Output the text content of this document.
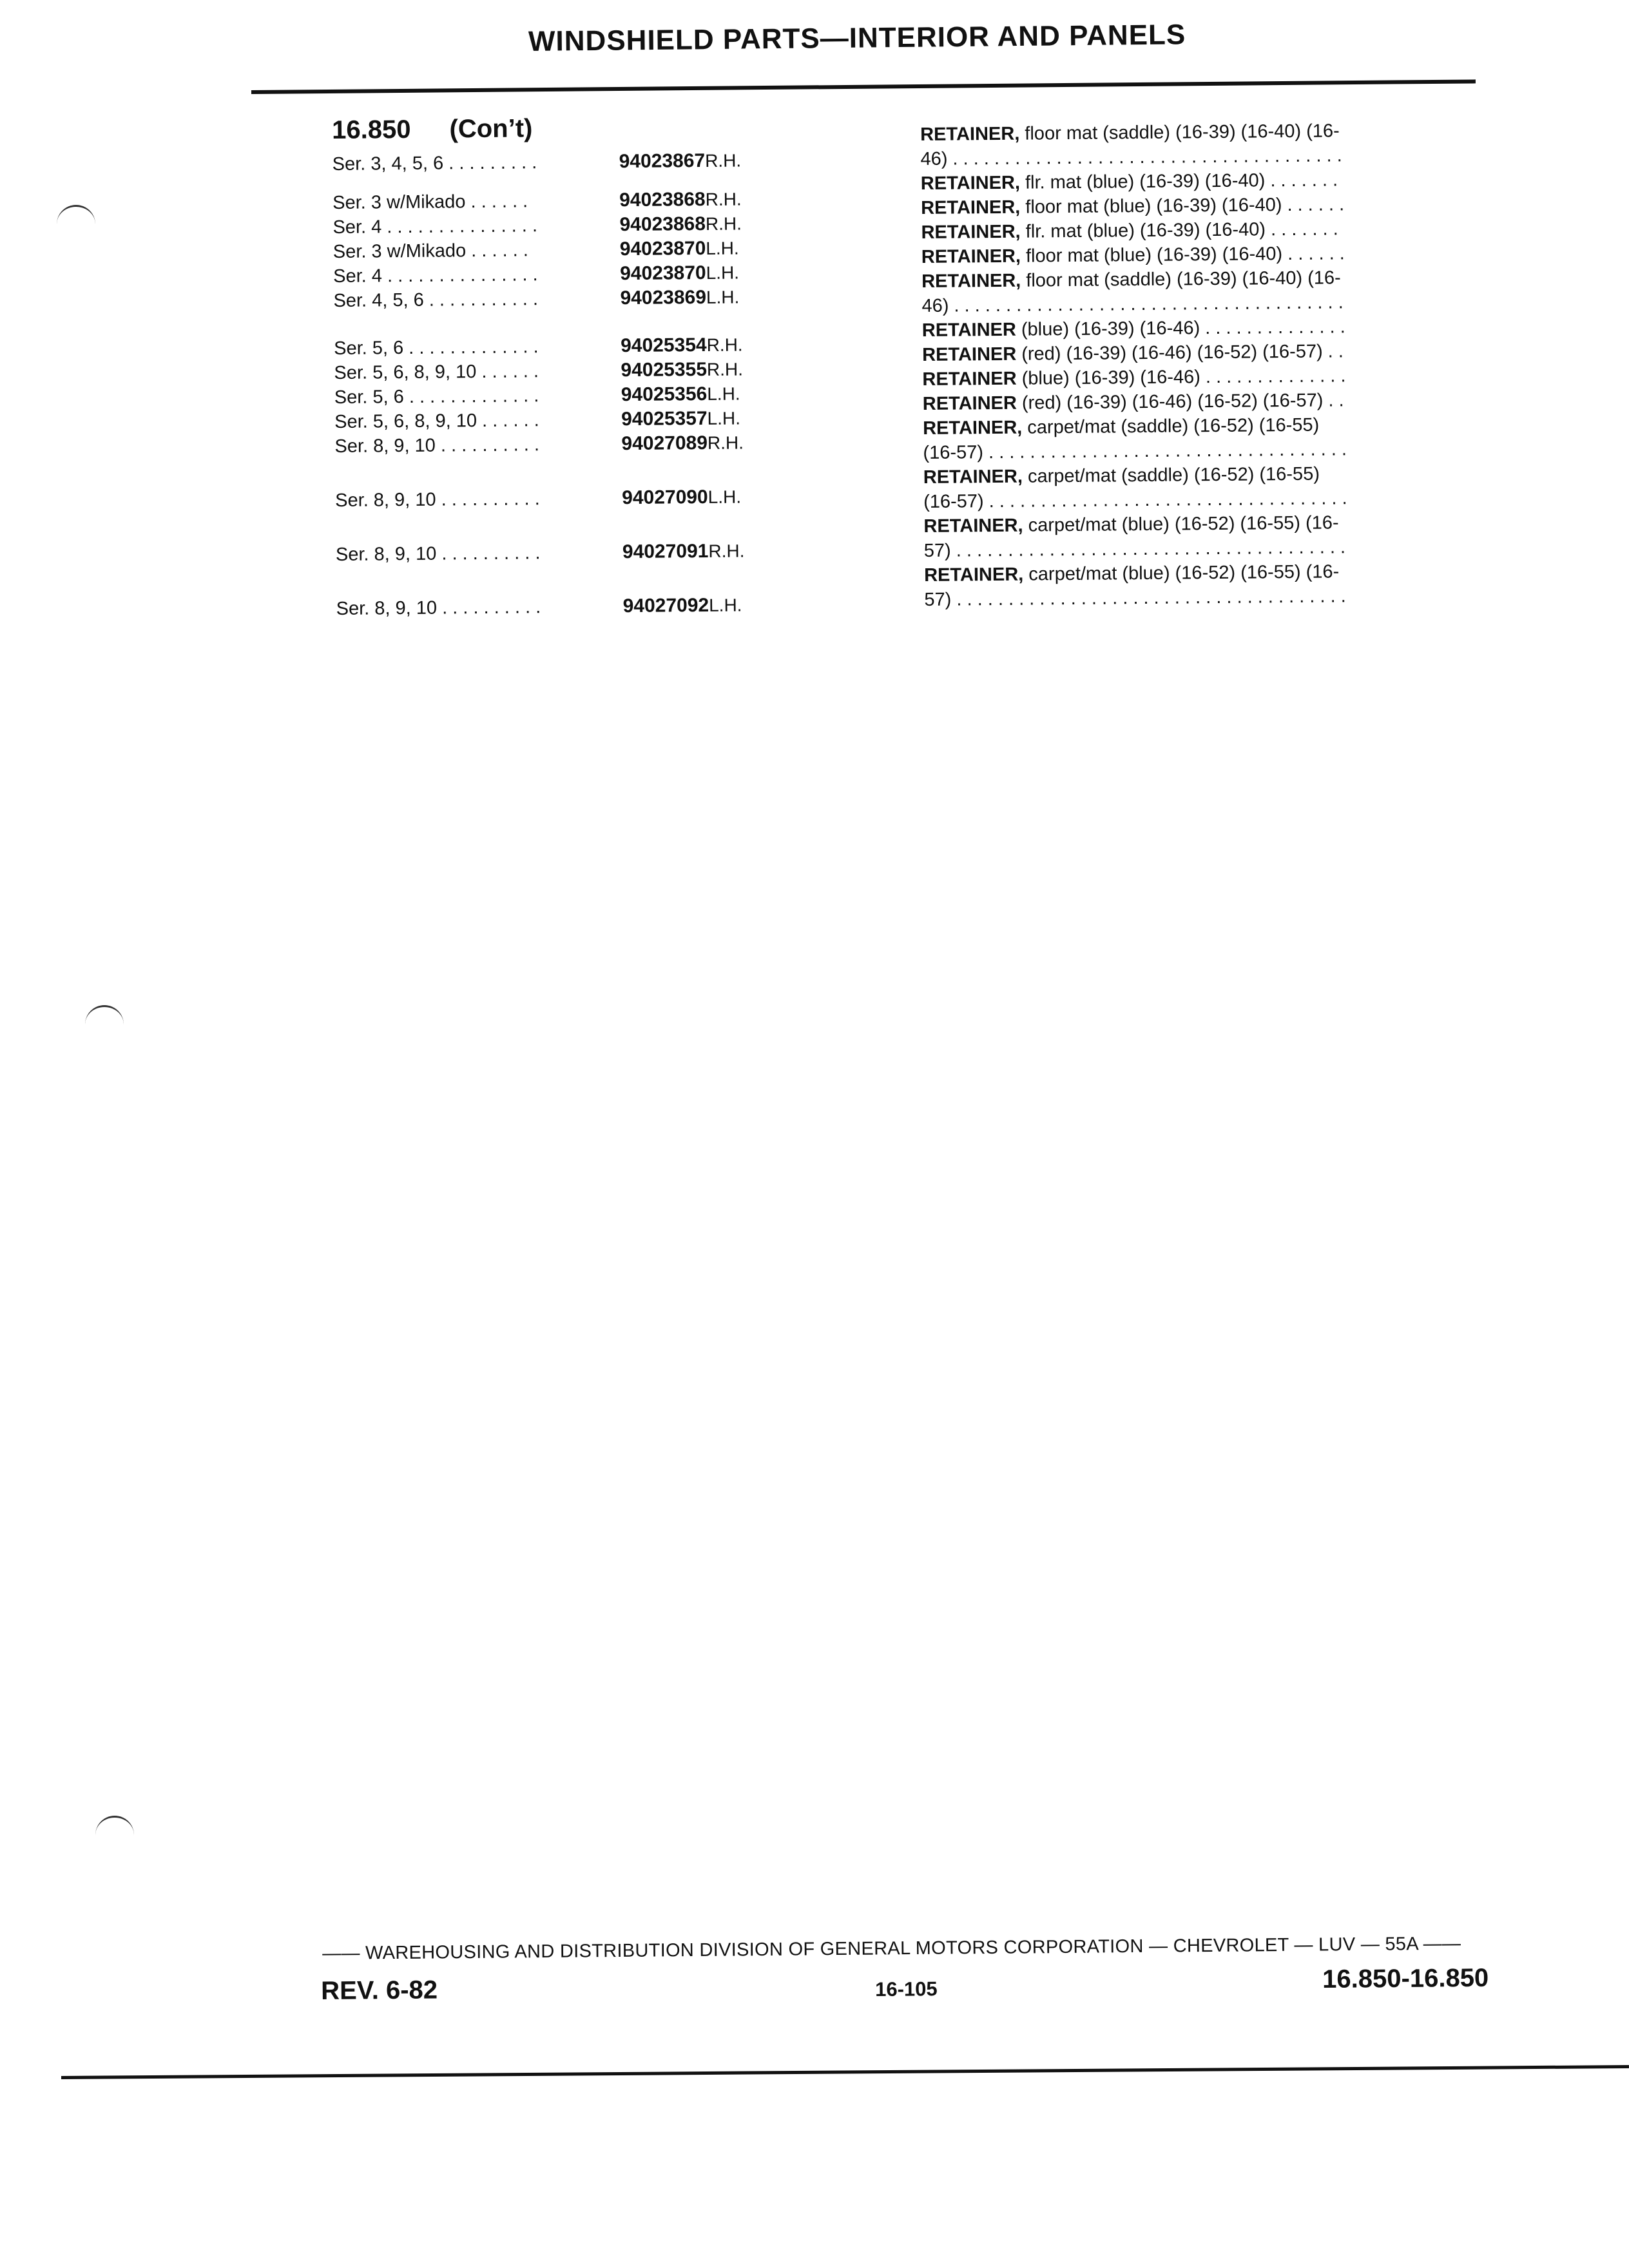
WINDSHIELD PARTS—INTERIOR AND PANELS
16.850 (Con’t)
Ser. 3, 4, 5, 6 . . . . . . . . .	94023867R.H.
Ser. 3 w/Mikado . . . . . .	94023868R.H.
Ser. 4 . . . . . . . . . . . . . . .	94023868R.H.
Ser. 3 w/Mikado . . . . . .	94023870L.H.
Ser. 4 . . . . . . . . . . . . . . .	94023870L.H.
Ser. 4, 5, 6 . . . . . . . . . . .	94023869L.H.
Ser. 5, 6 . . . . . . . . . . . . .	94025354R.H.
Ser. 5, 6, 8, 9, 10 . . . . . .	94025355R.H.
Ser. 5, 6 . . . . . . . . . . . . .	94025356L.H.
Ser. 5, 6, 8, 9, 10 . . . . . .	94025357L.H.
Ser. 8, 9, 10 . . . . . . . . . .	94027089R.H.
Ser. 8, 9, 10 . . . . . . . . . .	94027090L.H.
Ser. 8, 9, 10 . . . . . . . . . .	94027091R.H.
Ser. 8, 9, 10 . . . . . . . . . .	94027092L.H.
RETAINER, floor mat (saddle) (16-39) (16-40) (16-
46) . . . . . . . . . . . . . . . . . . . . . . . . . . . . . . . . . . . . . .
RETAINER, flr. mat (blue) (16-39) (16-40) . . . . . . .
RETAINER, floor mat (blue) (16-39) (16-40) . . . . . .
RETAINER, flr. mat (blue) (16-39) (16-40) . . . . . . .
RETAINER, floor mat (blue) (16-39) (16-40) . . . . . .
RETAINER, floor mat (saddle) (16-39) (16-40) (16-
46) . . . . . . . . . . . . . . . . . . . . . . . . . . . . . . . . . . . . . .
RETAINER (blue) (16-39) (16-46) . . . . . . . . . . . . . .
RETAINER (red) (16-39) (16-46) (16-52) (16-57) . .
RETAINER (blue) (16-39) (16-46) . . . . . . . . . . . . . .
RETAINER (red) (16-39) (16-46) (16-52) (16-57) . .
RETAINER, carpet/mat (saddle) (16-52) (16-55)
(16-57) . . . . . . . . . . . . . . . . . . . . . . . . . . . . . . . . . . .
RETAINER, carpet/mat (saddle) (16-52) (16-55)
(16-57) . . . . . . . . . . . . . . . . . . . . . . . . . . . . . . . . . . .
RETAINER, carpet/mat (blue) (16-52) (16-55) (16-
57) . . . . . . . . . . . . . . . . . . . . . . . . . . . . . . . . . . . . . .
RETAINER, carpet/mat (blue) (16-52) (16-55) (16-
57) . . . . . . . . . . . . . . . . . . . . . . . . . . . . . . . . . . . . . .
—— WAREHOUSING AND DISTRIBUTION DIVISION OF GENERAL MOTORS CORPORATION — CHEVROLET — LUV — 55A ——
REV. 6-82	16-105	16.850-16.850
